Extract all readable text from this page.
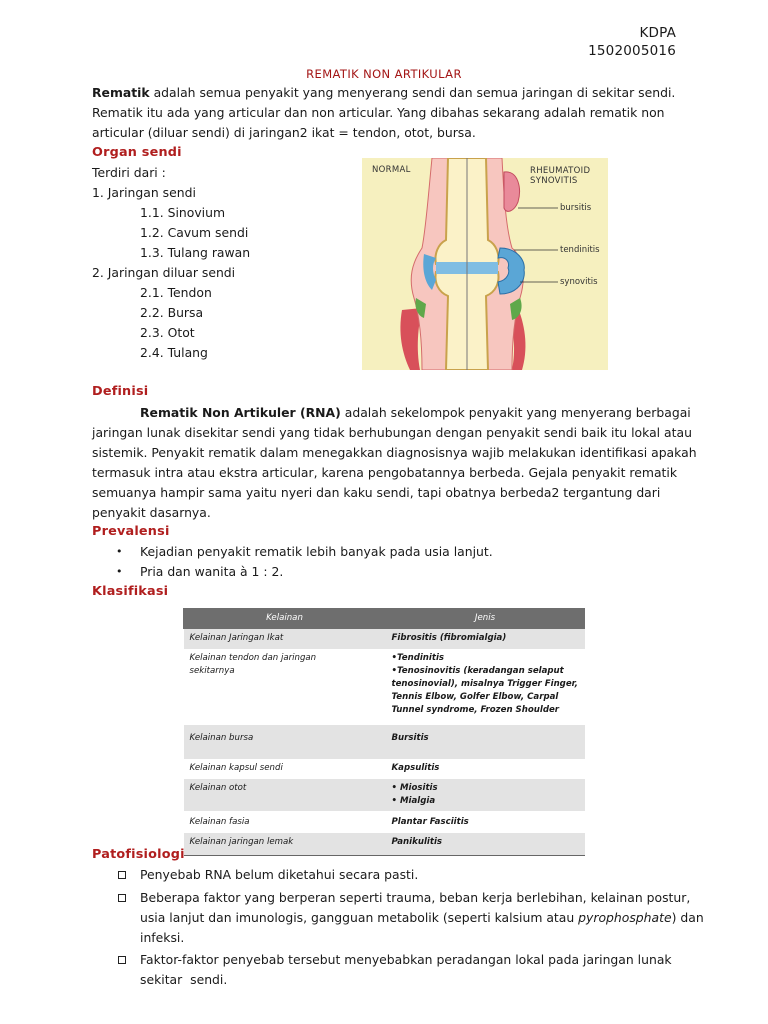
KDPA
1502005016
REMATIK NON ARTIKULAR
Rematik adalah semua penyakit yang menyerang sendi dan semua jaringan di sekitar sendi.
Rematik itu ada yang articular dan non articular. Yang dibahas sekarang adalah rematik non
articular (diluar sendi) di jaringan2 ikat = tendon, otot, bursa.
Organ sendi
Terdiri dari :
1. Jaringan sendi
1.1. Sinovium
1.2. Cavum sendi
1.3. Tulang rawan
2. Jaringan diluar sendi
2.1. Tendon
2.2. Bursa
2.3. Otot
2.4. Tulang
NORMAL	RHEUMATOID
SYNOVITIS
bursitis
tendinitis
synovitis
Definisi
Rematik Non Artikuler (RNA) adalah sekelompok penyakit yang menyerang berbagai
jaringan lunak disekitar sendi yang tidak berhubungan dengan penyakit sendi baik itu lokal atau
sistemik. Penyakit rematik dalam menegakkan diagnosisnya wajib melakukan identifikasi apakah
termasuk intra atau ekstra articular, karena pengobatannya berbeda. Gejala penyakit rematik
semuanya hampir sama yaitu nyeri dan kaku sendi, tapi obatnya berbeda2 tergantung dari
penyakit dasarnya.
Prevalensi
• Kejadian penyakit rematik lebih banyak pada usia lanjut.
• Pria dan wanita à 1 : 2.
Klasifikasi
Kelainan	Jenis
Kelainan Jaringan Ikat	Fibrositis (fibromialgia)
Kelainan tendon dan jaringan
sekitarnya	•Tendinitis
•Tenosinovitis (keradangan selaput
tenosinovial), misalnya Trigger Finger,
Tennis Elbow, Golfer Elbow, Carpal
Tunnel syndrome, Frozen Shoulder
Kelainan bursa	Bursitis
Kelainan kapsul sendi	Kapsulitis
Kelainan otot	• Miositis
• Mialgia
Kelainan fasia	Plantar Fasciitis
Kelainan jaringan lemak	Panikulitis
Patofisiologi
Penyebab RNA belum diketahui secara pasti.
Beberapa faktor yang berperan seperti trauma, beban kerja berlebihan, kelainan postur,
usia lanjut dan imunologis, gangguan metabolik (seperti kalsium atau pyrophosphate) dan
infeksi.
Faktor-faktor penyebab tersebut menyebabkan peradangan lokal pada jaringan lunak
sekitar  sendi.
